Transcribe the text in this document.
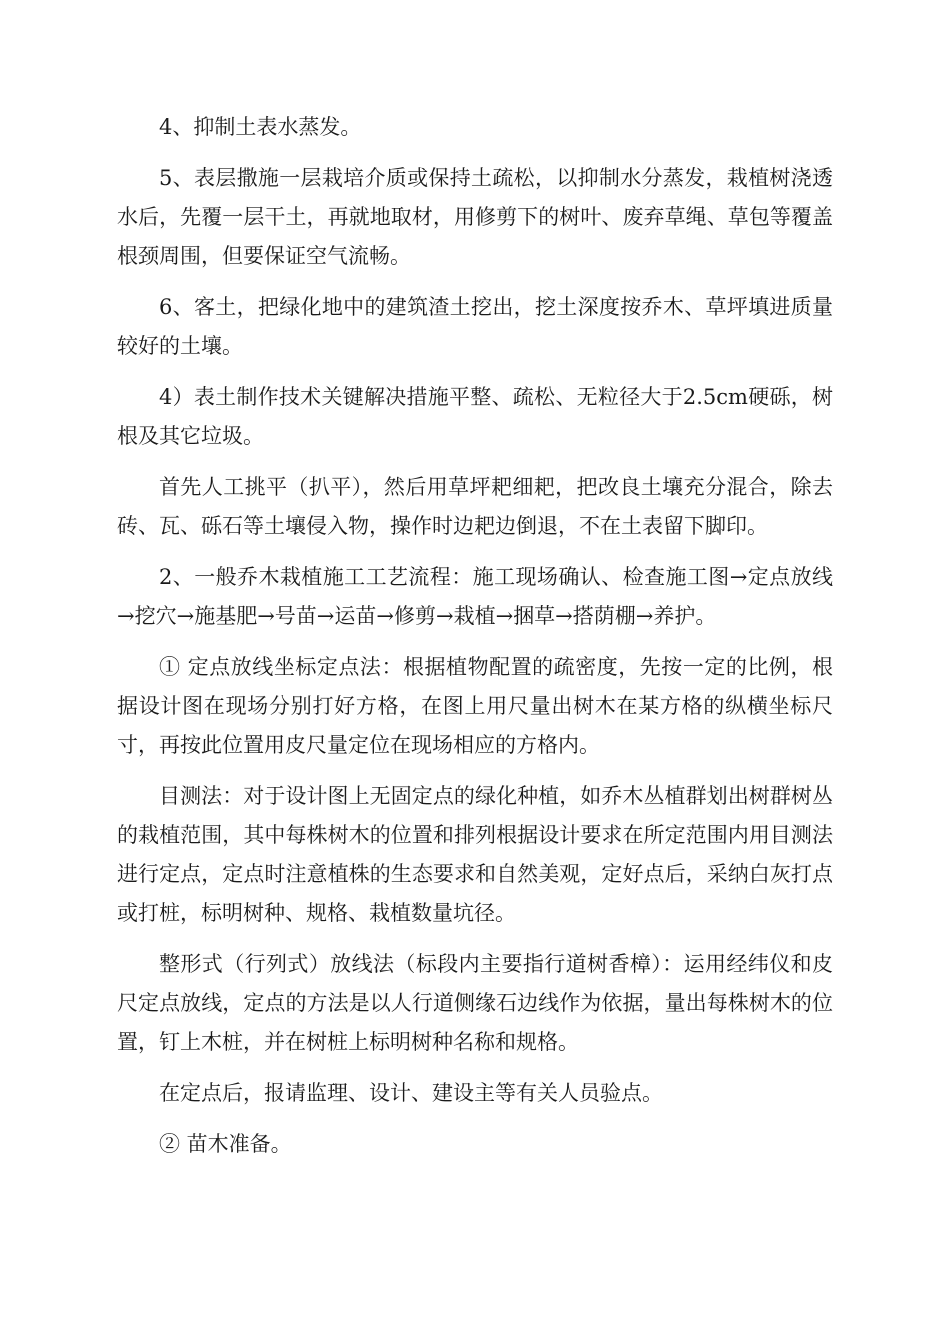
4、抑制土表水蒸发。

5、表层撒施一层栽培介质或保持土疏松，以抑制水分蒸发，栽植树浇透水后，先覆一层干土，再就地取材，用修剪下的树叶、废弃草绳、草包等覆盖根颈周围，但要保证空气流畅。

6、客土，把绿化地中的建筑渣土挖出，挖土深度按乔木、草坪填进质量较好的土壤。

4）表土制作技术关键解决措施平整、疏松、无粒径大于2.5cm硬砾，树根及其它垃圾。

首先人工挑平（扒平），然后用草坪耙细耙，把改良土壤充分混合，除去砖、瓦、砾石等土壤侵入物，操作时边耙边倒退，不在土表留下脚印。

2、一般乔木栽植施工工艺流程：施工现场确认、检查施工图→定点放线→挖穴→施基肥→号苗→运苗→修剪→栽植→捆草→搭荫棚→养护。

① 定点放线坐标定点法：根据植物配置的疏密度，先按一定的比例，根据设计图在现场分别打好方格，在图上用尺量出树木在某方格的纵横坐标尺寸，再按此位置用皮尺量定位在现场相应的方格内。

目测法：对于设计图上无固定点的绿化种植，如乔木丛植群划出树群树丛的栽植范围，其中每株树木的位置和排列根据设计要求在所定范围内用目测法进行定点，定点时注意植株的生态要求和自然美观，定好点后，采纳白灰打点或打桩，标明树种、规格、栽植数量坑径。

整形式（行列式）放线法（标段内主要指行道树香樟）：运用经纬仪和皮尺定点放线，定点的方法是以人行道侧缘石边线作为依据，量出每株树木的位置，钉上木桩，并在树桩上标明树种名称和规格。

在定点后，报请监理、设计、建设主等有关人员验点。

② 苗木准备。
